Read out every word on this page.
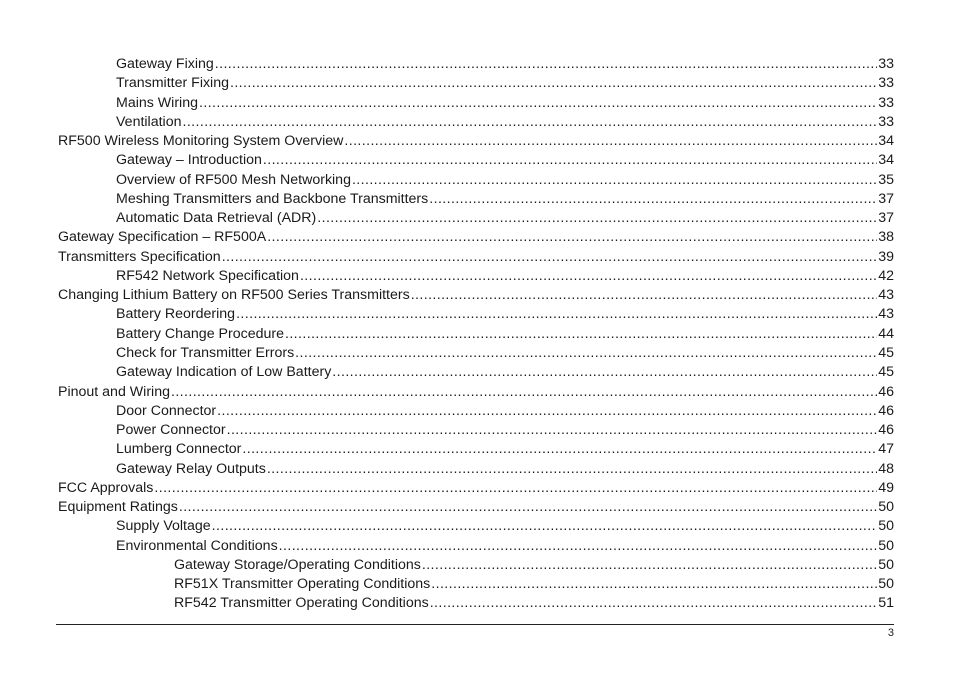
Gateway Fixing .....	33
Transmitter Fixing .....	33
Mains Wiring .....	33
Ventilation .....	33
RF500 Wireless Monitoring System Overview .....	34
Gateway – Introduction .....	34
Overview of RF500 Mesh Networking .....	35
Meshing Transmitters and Backbone Transmitters .....	37
Automatic Data Retrieval (ADR) .....	37
Gateway Specification – RF500A .....	38
Transmitters Specification .....	39
RF542 Network Specification .....	42
Changing Lithium Battery on RF500 Series Transmitters .....	43
Battery Reordering .....	43
Battery Change Procedure .....	44
Check for Transmitter Errors .....	45
Gateway Indication of Low Battery .....	45
Pinout and Wiring .....	46
Door Connector .....	46
Power Connector .....	46
Lumberg Connector .....	47
Gateway Relay Outputs .....	48
FCC Approvals .....	49
Equipment Ratings .....	50
Supply Voltage .....	50
Environmental Conditions .....	50
Gateway Storage/Operating Conditions .....	50
RF51X Transmitter Operating Conditions .....	50
RF542 Transmitter Operating Conditions .....	51
3
